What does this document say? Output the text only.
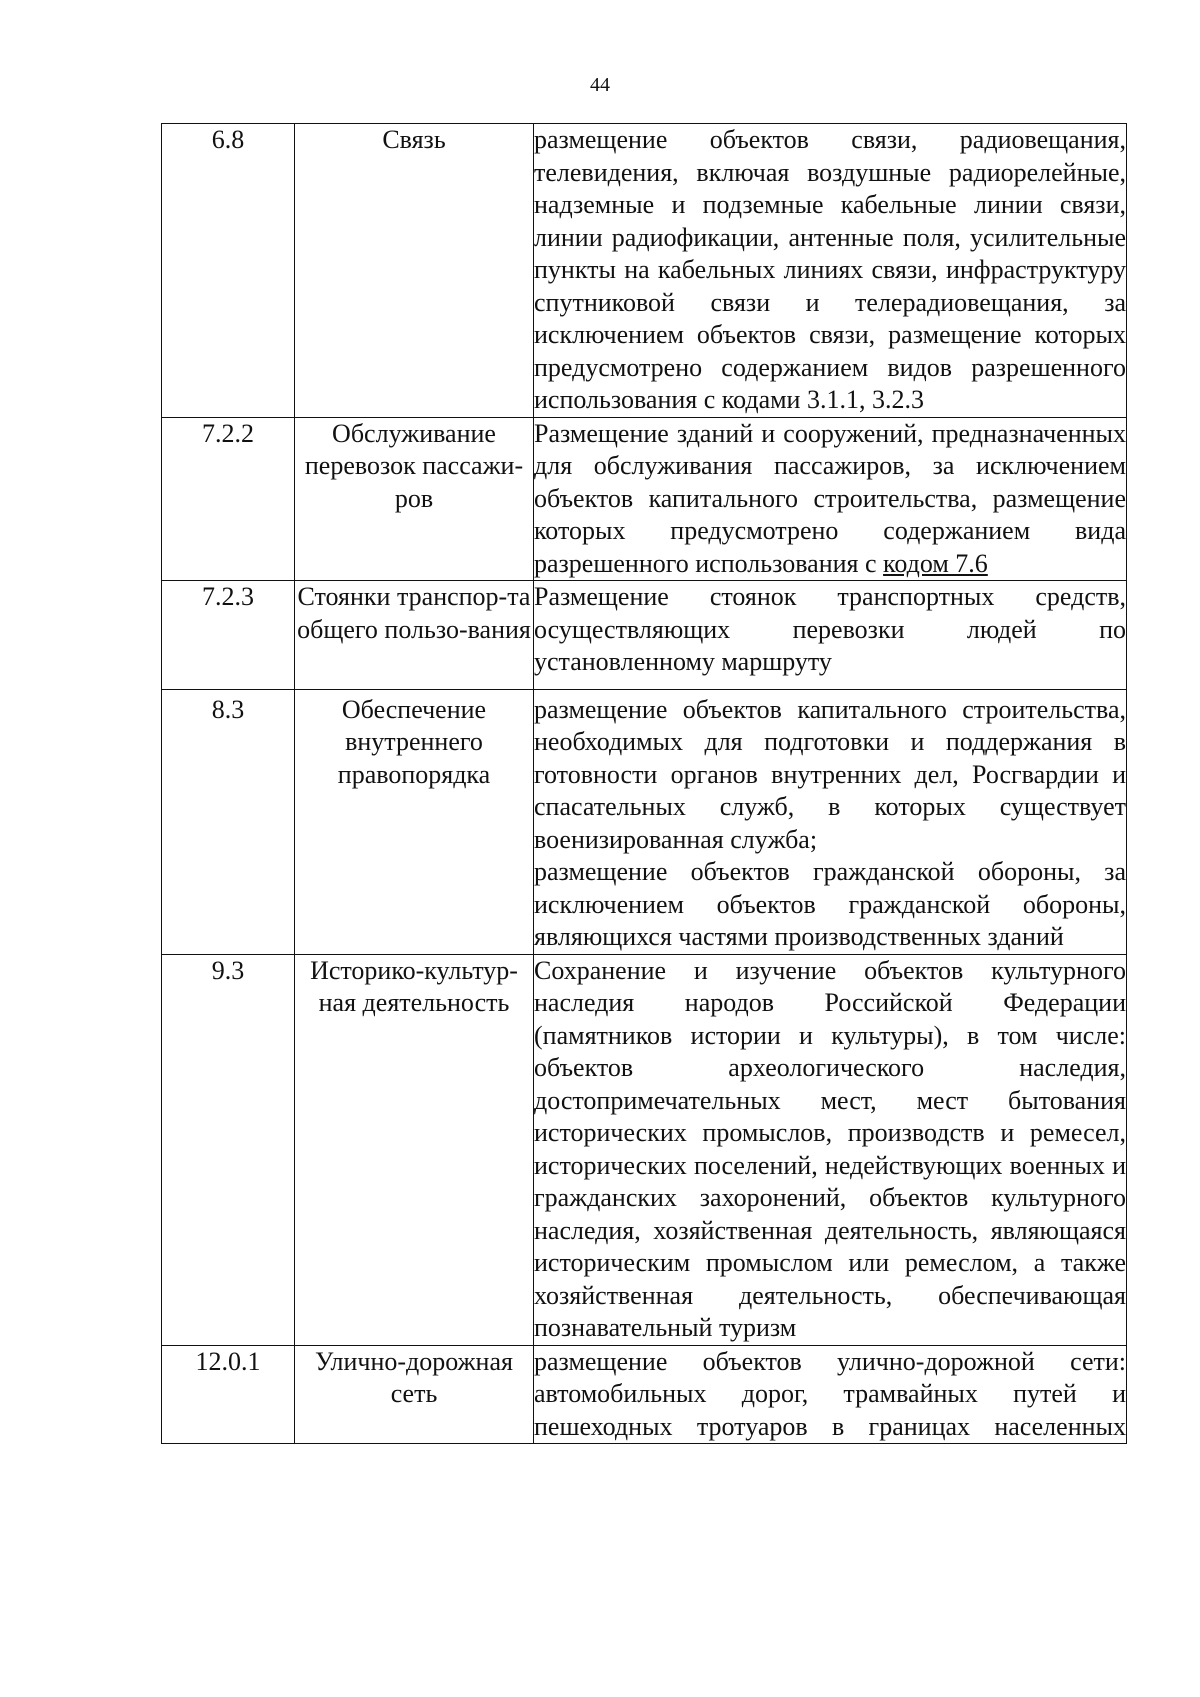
44
6.8	Связь	размещение объектов связи, радиовещания, телевидения, включая воздушные радиорелейные, надземные и подземные кабельные линии связи, линии радиофикации, антенные поля, усилительные пункты на кабельных линиях связи, инфраструктуру спутниковой связи и телерадиовещания, за исключением объектов связи, размещение которых предусмотрено содержанием видов разрешенного использования с кодами 3.1.1, 3.2.3

7.2.2	Обслуживание перевозок пассажи-ров	Размещение зданий и сооружений, предназначенных для обслуживания пассажиров, за исключением объектов капитального строительства, размещение которых предусмотрено содержанием вида разрешенного использования с кодом 7.6

7.2.3	Стоянки транспор-та общего пользо-вания	Размещение стоянок транспортных средств, осуществляющих перевозки людей по установленному маршруту

8.3	Обеспечение внутреннего правопорядка	размещение объектов капитального строительства, необходимых для подготовки и поддержания в готовности органов внутренних дел, Росгвардии и спасательных служб, в которых существует военизированная служба;

размещение объектов гражданской обороны, за исключением объектов гражданской обороны, являющихся частями производственных зданий

9.3	Историко-культур-ная деятельность	Сохранение и изучение объектов культурного наследия народов Российской Федерации (памятников истории и культуры), в том числе: объектов археологического наследия, достопримечательных мест, мест бытования исторических промыслов, производств и ремесел, исторических поселений, недействующих военных и гражданских захоронений, объектов культурного наследия, хозяйственная деятельность, являющаяся историческим промыслом или ремеслом, а также хозяйственная деятельность, обеспечивающая познавательный туризм

12.0.1	Улично-дорожная сеть	размещение объектов улично-дорожной сети: автомобильных дорог, трамвайных путей и пешеходных тротуаров в границах населенных
